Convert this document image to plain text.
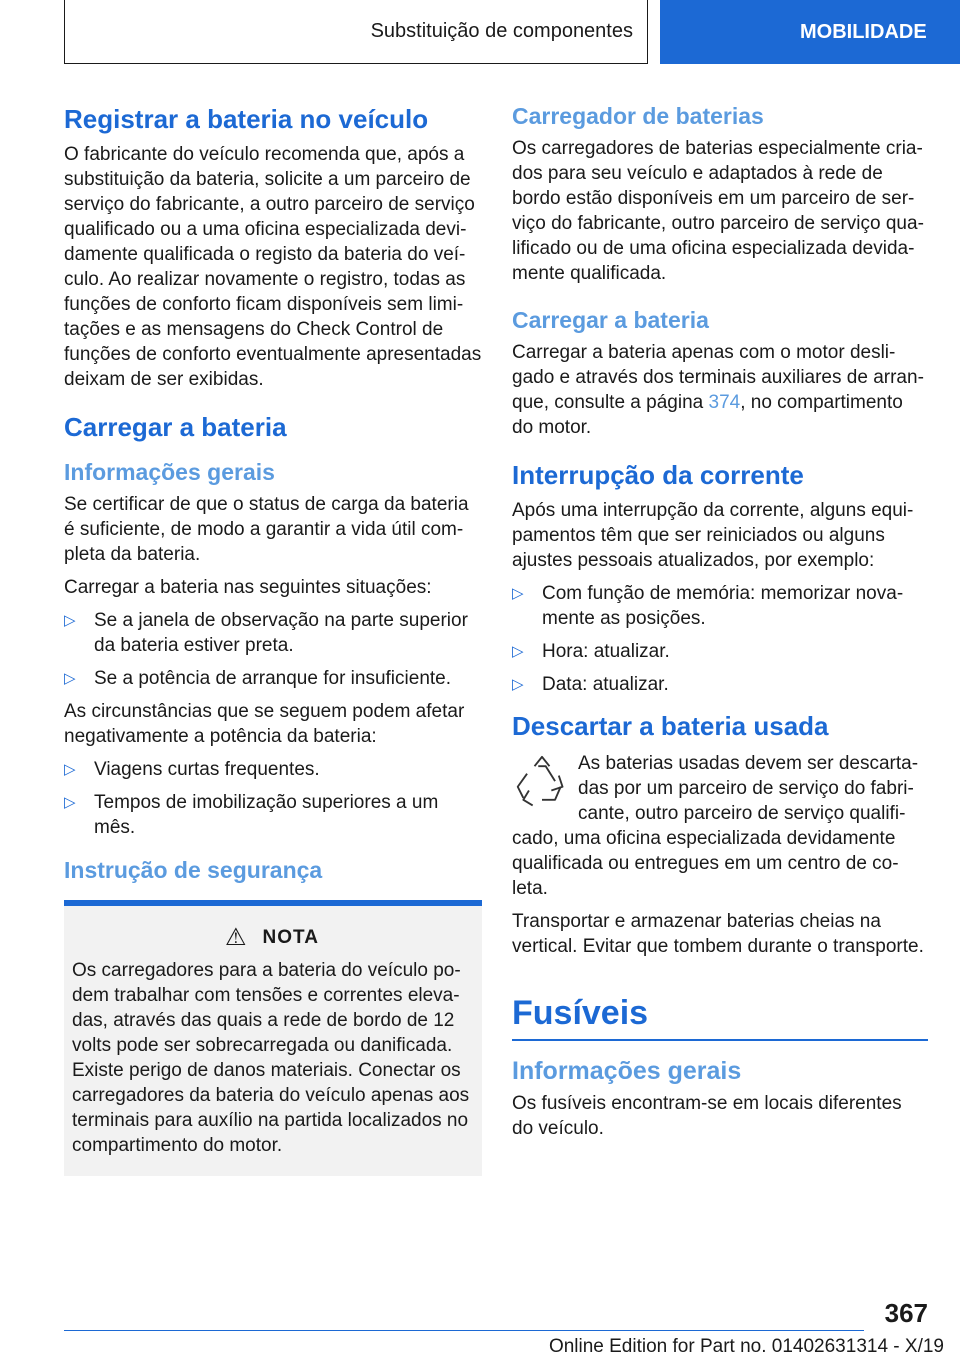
Substituição de componentes	MOBILIDADE
Registrar a bateria no veículo

O fabricante do veículo recomenda que, após a substituição da bateria, solicite a um parceiro de serviço do fabricante, a outro parceiro de serviço qualificado ou a uma oficina especializada devidamente qualificada o registo da bateria do veículo. Ao realizar novamente o registro, todas as funções de conforto ficam disponíveis sem limitações e as mensagens do Check Control de funções de conforto eventualmente apresentadas deixam de ser exibidas.

Carregar a bateria
Informações gerais

Se certificar de que o status de carga da bateria é suficiente, de modo a garantir a vida útil completa da bateria.

Carregar a bateria nas seguintes situações:

▷ Se a janela de observação na parte superior da bateria estiver preta.
▷ Se a potência de arranque for insuficiente.

As circunstâncias que se seguem podem afetar negativamente a potência da bateria:

▷ Viagens curtas frequentes.
▷ Tempos de imobilização superiores a um mês.
Instrução de segurança
⚠ NOTA

Os carregadores para a bateria do veículo podem trabalhar com tensões e correntes elevadas, através das quais a rede de bordo de 12 volts pode ser sobrecarregada ou danificada. Existe perigo de danos materiais. Conectar os carregadores da bateria do veículo apenas aos terminais para auxílio na partida localizados no compartimento do motor.

Carregador de baterias

Os carregadores de baterias especialmente criados para seu veículo e adaptados à rede de bordo estão disponíveis em um parceiro de serviço do fabricante, outro parceiro de serviço qualificado ou de uma oficina especializada devidamente qualificada.

Carregar a bateria

Carregar a bateria apenas com o motor desligado e através dos terminais auxiliares de arranque, consulte a página 374, no compartimento do motor.

Interrupção da corrente

Após uma interrupção da corrente, alguns equipamentos têm que ser reiniciados ou alguns ajustes pessoais atualizados, por exemplo:

▷ Com função de memória: memorizar novamente as posições.
▷ Hora: atualizar.
▷ Data: atualizar.
Descartar a bateria usada

As baterias usadas devem ser descartadas por um parceiro de serviço do fabricante, outro parceiro de serviço qualificado, uma oficina especializada devidamente qualificada ou entregues em um centro de coleta.

Transportar e armazenar baterias cheias na vertical. Evitar que tombem durante o transporte.

Fusíveis
Informações gerais

Os fusíveis encontram-se em locais diferentes do veículo.

367
Online Edition for Part no. 01402631314 - X/19
